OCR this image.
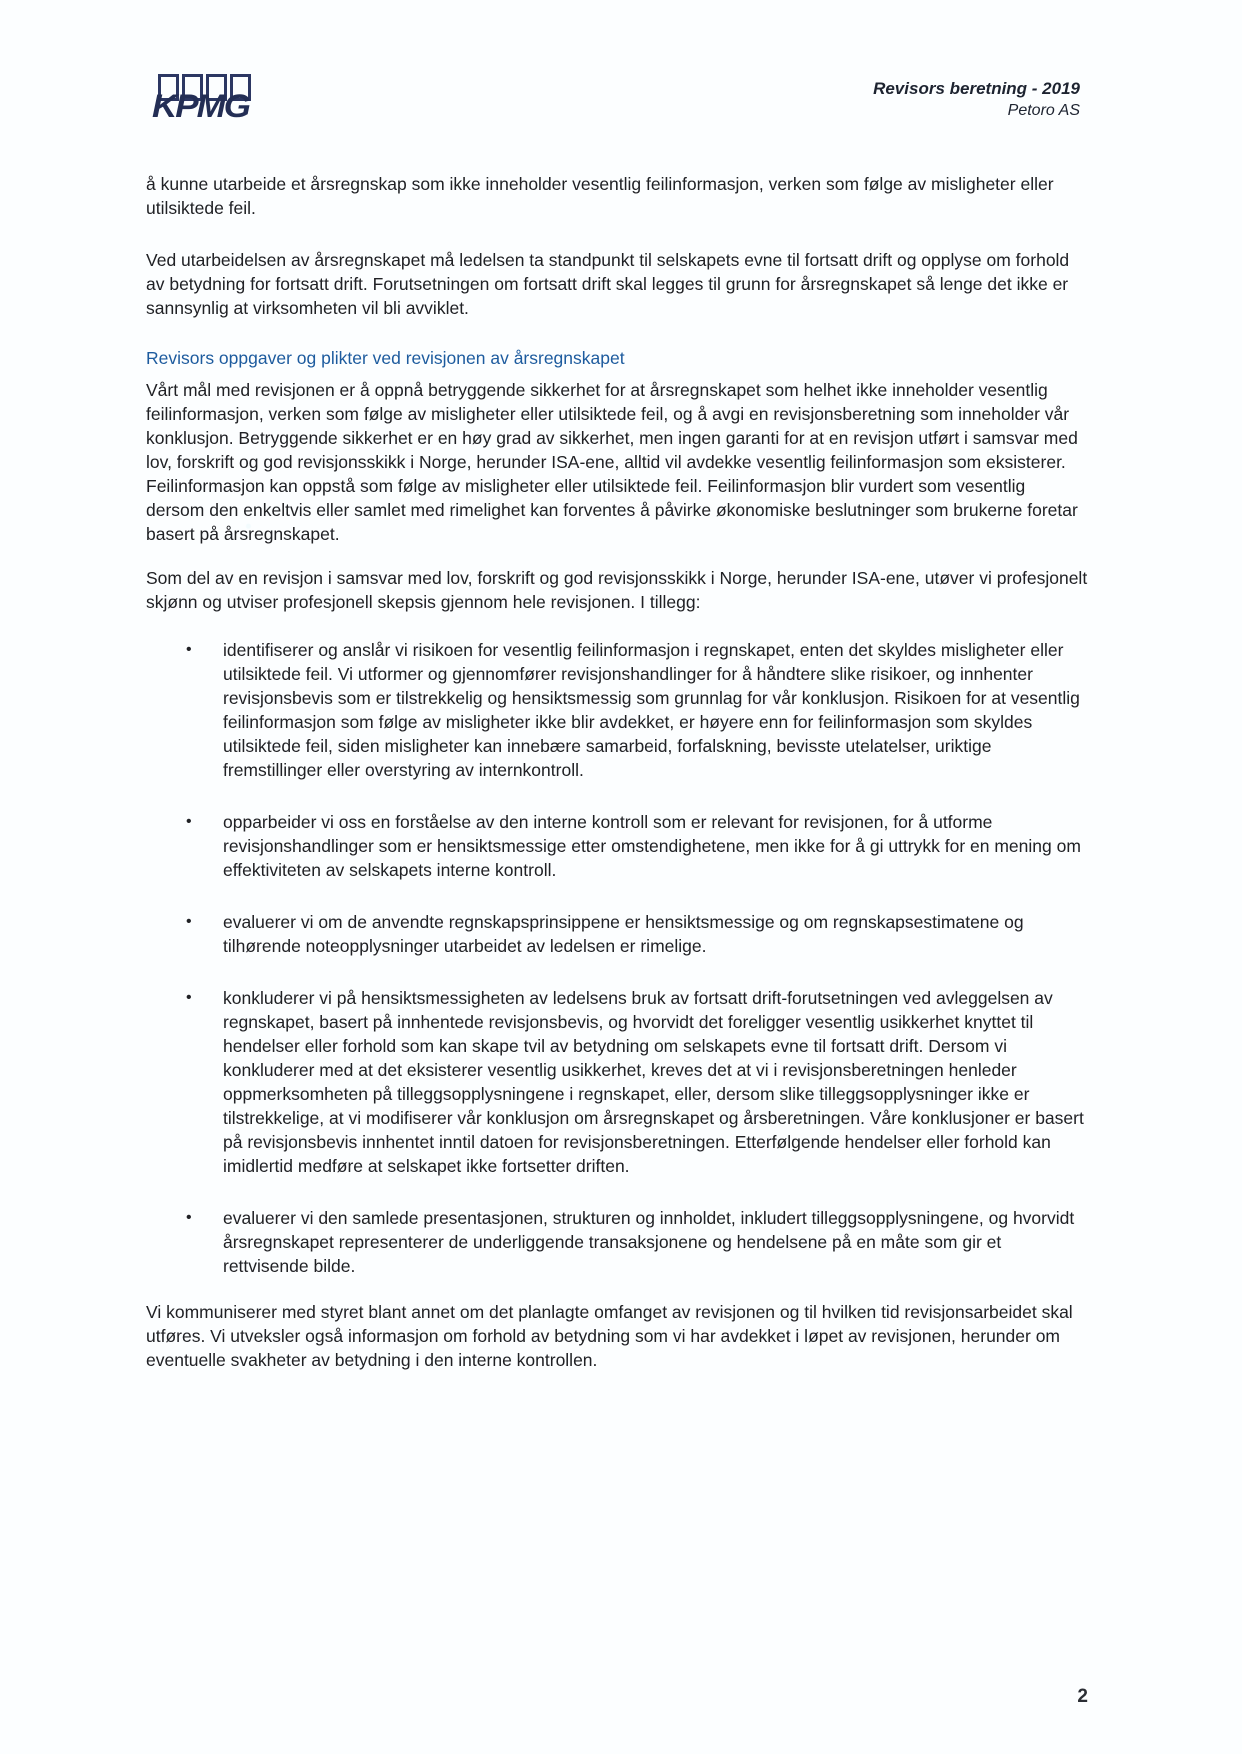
KPMG
Revisors beretning - 2019
Petoro AS

å kunne utarbeide et årsregnskap som ikke inneholder vesentlig feilinformasjon, verken som følge av misligheter eller utilsiktede feil.

Ved utarbeidelsen av årsregnskapet må ledelsen ta standpunkt til selskapets evne til fortsatt drift og opplyse om forhold av betydning for fortsatt drift. Forutsetningen om fortsatt drift skal legges til grunn for årsregnskapet så lenge det ikke er sannsynlig at virksomheten vil bli avviklet.

Revisors oppgaver og plikter ved revisjonen av årsregnskapet

Vårt mål med revisjonen er å oppnå betryggende sikkerhet for at årsregnskapet som helhet ikke inneholder vesentlig feilinformasjon, verken som følge av misligheter eller utilsiktede feil, og å avgi en revisjonsberetning som inneholder vår konklusjon. Betryggende sikkerhet er en høy grad av sikkerhet, men ingen garanti for at en revisjon utført i samsvar med lov, forskrift og god revisjonsskikk i Norge, herunder ISA-ene, alltid vil avdekke vesentlig feilinformasjon som eksisterer. Feilinformasjon kan oppstå som følge av misligheter eller utilsiktede feil. Feilinformasjon blir vurdert som vesentlig dersom den enkeltvis eller samlet med rimelighet kan forventes å påvirke økonomiske beslutninger som brukerne foretar basert på årsregnskapet.

Som del av en revisjon i samsvar med lov, forskrift og god revisjonsskikk i Norge, herunder ISA-ene, utøver vi profesjonelt skjønn og utviser profesjonell skepsis gjennom hele revisjonen. I tillegg:

• identifiserer og anslår vi risikoen for vesentlig feilinformasjon i regnskapet, enten det skyldes misligheter eller utilsiktede feil. Vi utformer og gjennomfører revisjonshandlinger for å håndtere slike risikoer, og innhenter revisjonsbevis som er tilstrekkelig og hensiktsmessig som grunnlag for vår konklusjon. Risikoen for at vesentlig feilinformasjon som følge av misligheter ikke blir avdekket, er høyere enn for feilinformasjon som skyldes utilsiktede feil, siden misligheter kan innebære samarbeid, forfalskning, bevisste utelatelser, uriktige fremstillinger eller overstyring av internkontroll.
• opparbeider vi oss en forståelse av den interne kontroll som er relevant for revisjonen, for å utforme revisjonshandlinger som er hensiktsmessige etter omstendighetene, men ikke for å gi uttrykk for en mening om effektiviteten av selskapets interne kontroll.
• evaluerer vi om de anvendte regnskapsprinsippene er hensiktsmessige og om regnskapsestimatene og tilhørende noteopplysninger utarbeidet av ledelsen er rimelige.
• konkluderer vi på hensiktsmessigheten av ledelsens bruk av fortsatt drift-forutsetningen ved avleggelsen av regnskapet, basert på innhentede revisjonsbevis, og hvorvidt det foreligger vesentlig usikkerhet knyttet til hendelser eller forhold som kan skape tvil av betydning om selskapets evne til fortsatt drift. Dersom vi konkluderer med at det eksisterer vesentlig usikkerhet, kreves det at vi i revisjonsberetningen henleder oppmerksomheten på tilleggsopplysningene i regnskapet, eller, dersom slike tilleggsopplysninger ikke er tilstrekkelige, at vi modifiserer vår konklusjon om årsregnskapet og årsberetningen. Våre konklusjoner er basert på revisjonsbevis innhentet inntil datoen for revisjonsberetningen. Etterfølgende hendelser eller forhold kan imidlertid medføre at selskapet ikke fortsetter driften.
• evaluerer vi den samlede presentasjonen, strukturen og innholdet, inkludert tilleggsopplysningene, og hvorvidt årsregnskapet representerer de underliggende transaksjonene og hendelsene på en måte som gir et rettvisende bilde.

Vi kommuniserer med styret blant annet om det planlagte omfanget av revisjonen og til hvilken tid revisjonsarbeidet skal utføres. Vi utveksler også informasjon om forhold av betydning som vi har avdekket i løpet av revisjonen, herunder om eventuelle svakheter av betydning i den interne kontrollen.

2
